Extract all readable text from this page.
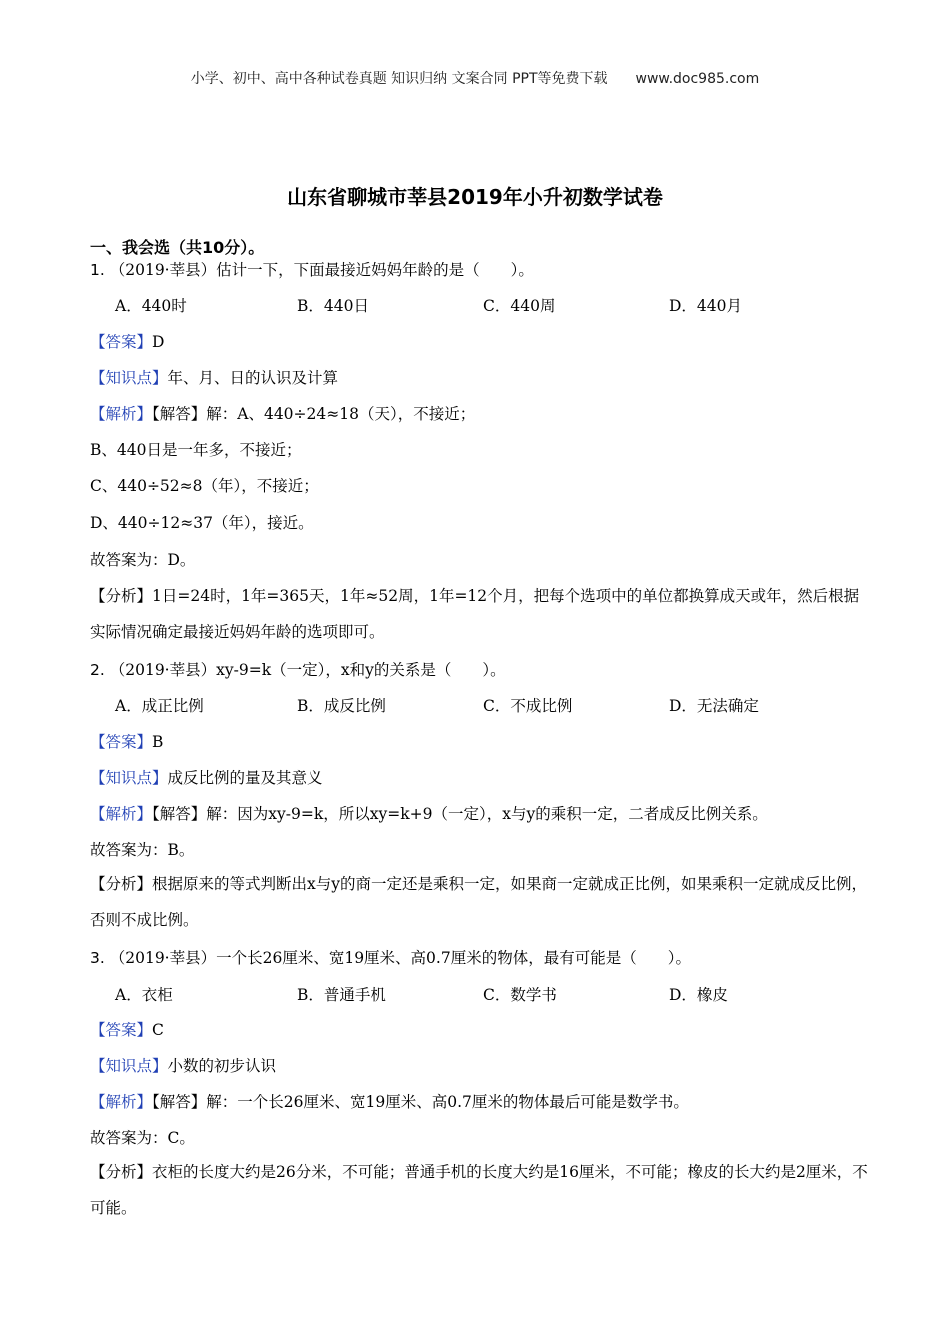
小学、初中、高中各种试卷真题 知识归纳 文案合同 PPT等免费下载 www.doc985.com
山东省聊城市莘县2019年小升初数学试卷
一、我会选（共10分）。
1. （2019·莘县）估计一下，下面最接近妈妈年龄的是（　　）。
A．440时	B．440日	C．440周	D．440月
【答案】D
【知识点】年、月、日的认识及计算
【解析】【解答】解：A、440÷24≈18（天），不接近；
B、440日是一年多，不接近；
C、440÷52≈8（年），不接近；
D、440÷12≈37（年），接近。
故答案为：D。
【分析】1日=24时，1年=365天，1年≈52周，1年=12个月，把每个选项中的单位都换算成天或年，然后根据实际情况确定最接近妈妈年龄的选项即可。
2. （2019·莘县）xy-9=k（一定），x和y的关系是（　　）。
A．成正比例	B．成反比例	C．不成比例	D．无法确定
【答案】B
【知识点】成反比例的量及其意义
【解析】【解答】解：因为xy-9=k，所以xy=k+9（一定），x与y的乘积一定，二者成反比例关系。
故答案为：B。
【分析】根据原来的等式判断出x与y的商一定还是乘积一定，如果商一定就成正比例，如果乘积一定就成反比例，否则不成比例。
3. （2019·莘县）一个长26厘米、宽19厘米、高0.7厘米的物体，最有可能是（　　）。
A．衣柜	B．普通手机	C．数学书	D．橡皮
【答案】C
【知识点】小数的初步认识
【解析】【解答】解：一个长26厘米、宽19厘米、高0.7厘米的物体最后可能是数学书。
故答案为：C。
【分析】衣柜的长度大约是26分米，不可能；普通手机的长度大约是16厘米，不可能；橡皮的长大约是2厘米，不可能。
